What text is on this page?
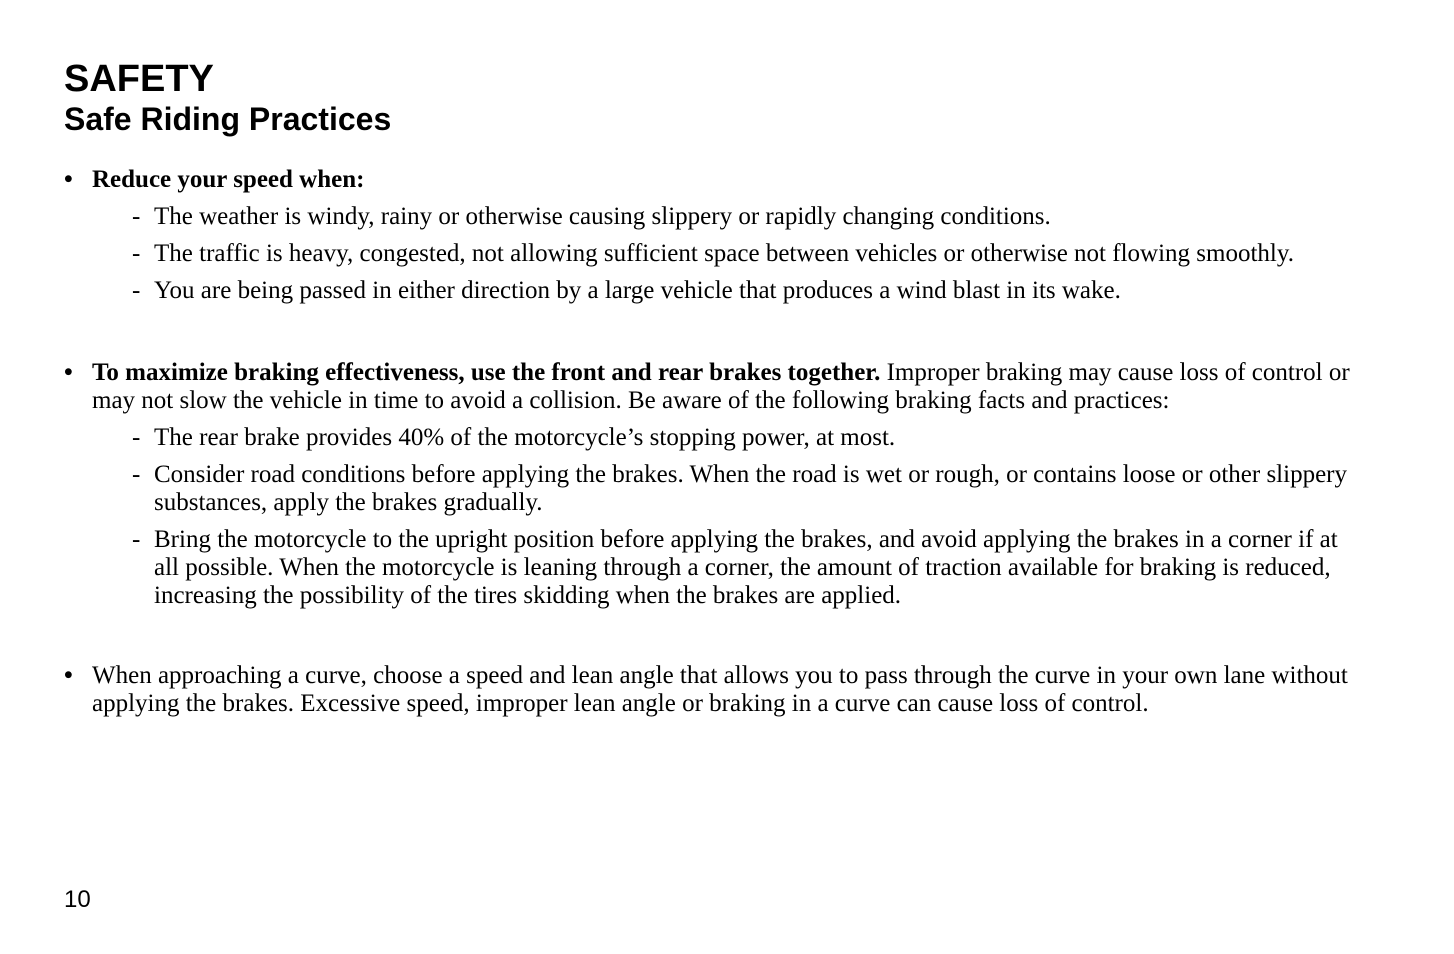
SAFETY
Safe Riding Practices
• Reduce your speed when:
- The weather is windy, rainy or otherwise causing slippery or rapidly changing conditions.
- The traffic is heavy, congested, not allowing sufficient space between vehicles or otherwise not flowing smoothly.
- You are being passed in either direction by a large vehicle that produces a wind blast in its wake.
• To maximize braking effectiveness, use the front and rear brakes together. Improper braking may cause loss of control or may not slow the vehicle in time to avoid a collision. Be aware of the following braking facts and practices:
- The rear brake provides 40% of the motorcycle’s stopping power, at most.
- Consider road conditions before applying the brakes. When the road is wet or rough, or contains loose or other slippery substances, apply the brakes gradually.
- Bring the motorcycle to the upright position before applying the brakes, and avoid applying the brakes in a corner if at all possible. When the motorcycle is leaning through a corner, the amount of traction available for braking is reduced, increasing the possibility of the tires skidding when the brakes are applied.
• When approaching a curve, choose a speed and lean angle that allows you to pass through the curve in your own lane without applying the brakes. Excessive speed, improper lean angle or braking in a curve can cause loss of control.
10
